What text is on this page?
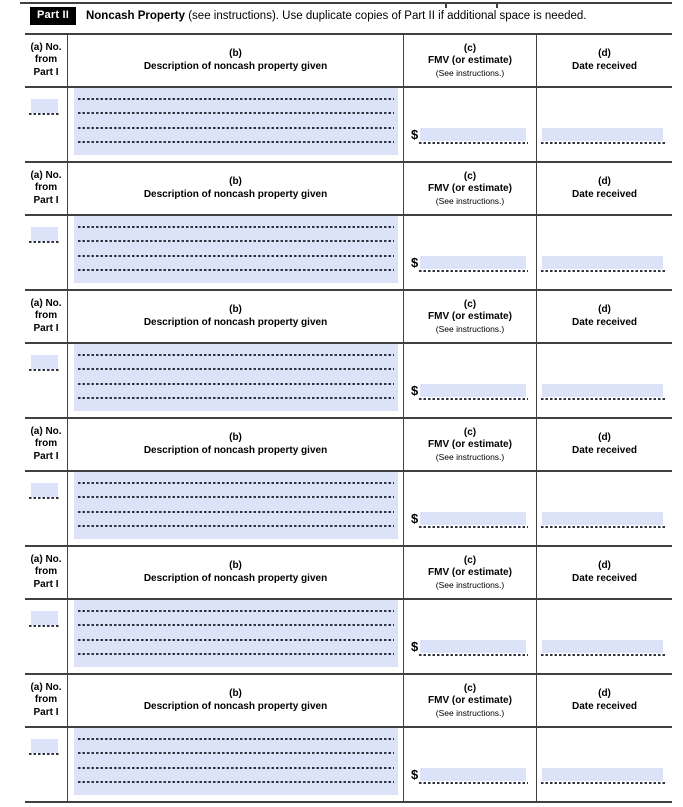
Part II	Noncash Property (see instructions). Use duplicate copies of Part II if additional space is needed.
(a) No.
from
Part I
(b)
Description of noncash property given
(c)
FMV (or estimate)
(See instructions.)
(d)
Date received
$
(a) No.
from
Part I
(b)
Description of noncash property given
(c)
FMV (or estimate)
(See instructions.)
(d)
Date received
$
(a) No.
from
Part I
(b)
Description of noncash property given
(c)
FMV (or estimate)
(See instructions.)
(d)
Date received
$
(a) No.
from
Part I
(b)
Description of noncash property given
(c)
FMV (or estimate)
(See instructions.)
(d)
Date received
$
(a) No.
from
Part I
(b)
Description of noncash property given
(c)
FMV (or estimate)
(See instructions.)
(d)
Date received
$
(a) No.
from
Part I
(b)
Description of noncash property given
(c)
FMV (or estimate)
(See instructions.)
(d)
Date received
$
